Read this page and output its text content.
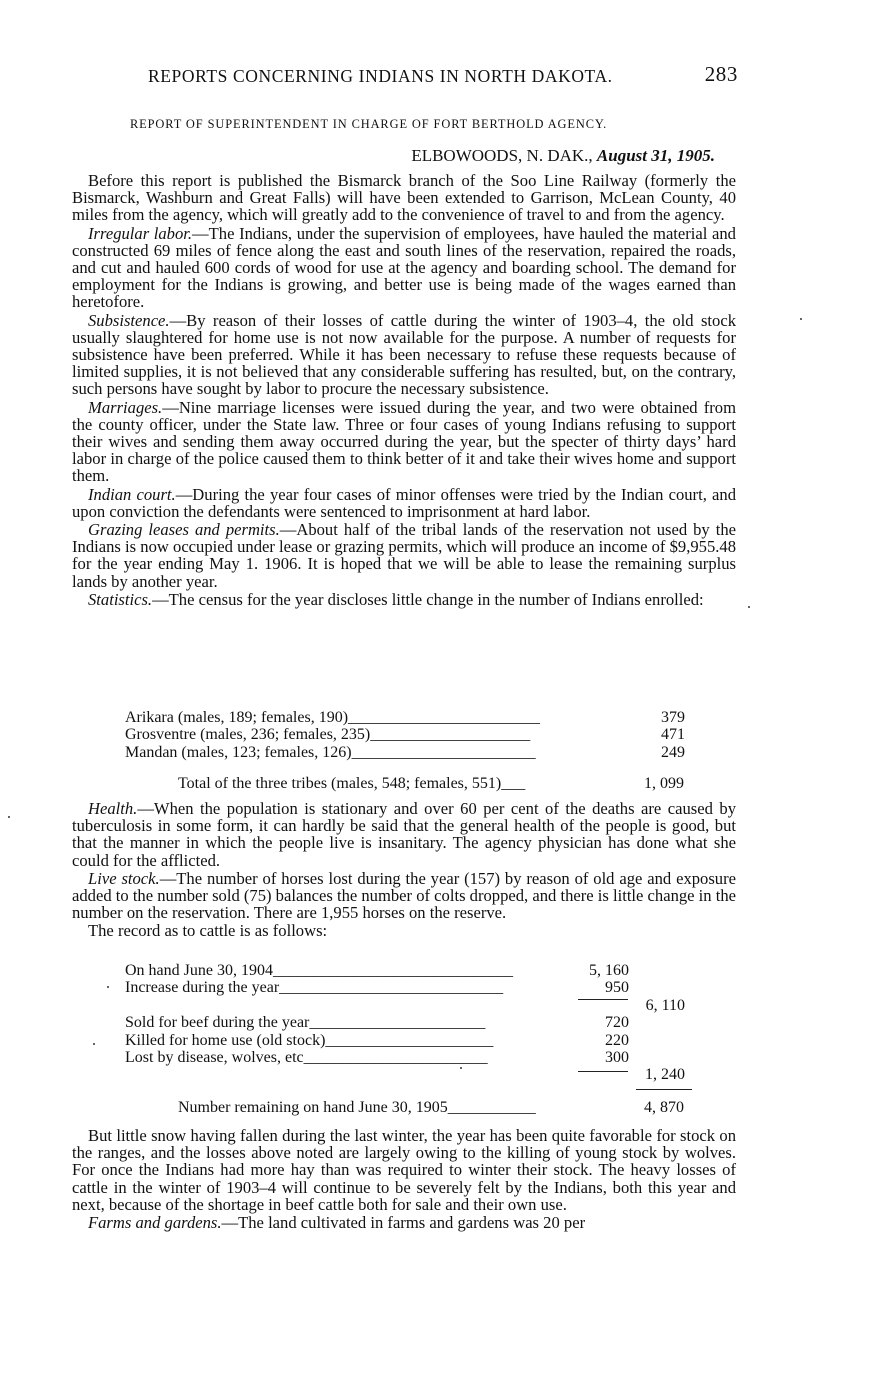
REPORTS CONCERNING INDIANS IN NORTH DAKOTA.	283
REPORT OF SUPERINTENDENT IN CHARGE OF FORT BERTHOLD AGENCY.
ELBOWOODS, N. DAK., August 31, 1905.

Before this report is published the Bismarck branch of the Soo Line Railway (formerly the Bismarck, Washburn and Great Falls) will have been extended to Garrison, McLean County, 40 miles from the agency, which will greatly add to the convenience of travel to and from the agency.

Irregular labor.—The Indians, under the supervision of employees, have hauled the material and constructed 69 miles of fence along the east and south lines of the reservation, repaired the roads, and cut and hauled 600 cords of wood for use at the agency and boarding school. The demand for employment for the Indians is growing, and better use is being made of the wages earned than heretofore.

Subsistence.—By reason of their losses of cattle during the winter of 1903–4, the old stock usually slaughtered for home use is not now available for the purpose. A number of requests for subsistence have been preferred. While it has been necessary to refuse these requests because of limited supplies, it is not believed that any considerable suffering has resulted, but, on the contrary, such persons have sought by labor to procure the necessary subsistence.

Marriages.—Nine marriage licenses were issued during the year, and two were obtained from the county officer, under the State law. Three or four cases of young Indians refusing to support their wives and sending them away occurred during the year, but the specter of thirty days’ hard labor in charge of the police caused them to think better of it and take their wives home and support them.

Indian court.—During the year four cases of minor offenses were tried by the Indian court, and upon conviction the defendants were sentenced to imprisonment at hard labor.

Grazing leases and permits.—About half of the tribal lands of the reservation not used by the Indians is now occupied under lease or grazing permits, which will produce an income of $9,955.48 for the year ending May 1. 1906. It is hoped that we will be able to lease the remaining surplus lands by another year.

Statistics.—The census for the year discloses little change in the number of Indians enrolled:

Arikara (males, 189; females, 190)________________________	379
Grosventre (males, 236; females, 235)____________________	471
Mandan (males, 123; females, 126)_______________________	249
Total of the three tribes (males, 548; females, 551)___	1, 099

Health.—When the population is stationary and over 60 per cent of the deaths are caused by tuberculosis in some form, it can hardly be said that the general health of the people is good, but that the manner in which the people live is insanitary. The agency physician has done what she could for the afflicted.

Live stock.—The number of horses lost during the year (157) by reason of old age and exposure added to the number sold (75) balances the number of colts dropped, and there is little change in the number on the reservation. There are 1,955 horses on the reserve.

The record as to cattle is as follows:

On hand June 30, 1904______________________________	5, 160
Increase during the year____________________________	950
6, 110
Sold for beef during the year______________________	720
Killed for home use (old stock)_____________________	220
Lost by disease, wolves, etc_______________________	300
1, 240
Number remaining on hand June 30, 1905___________	4, 870

But little snow having fallen during the last winter, the year has been quite favorable for stock on the ranges, and the losses above noted are largely owing to the killing of young stock by wolves. For once the Indians had more hay than was required to winter their stock. The heavy losses of cattle in the winter of 1903–4 will continue to be severely felt by the Indians, both this year and next, because of the shortage in beef cattle both for sale and their own use.

Farms and gardens.—The land cultivated in farms and gardens was 20 per
